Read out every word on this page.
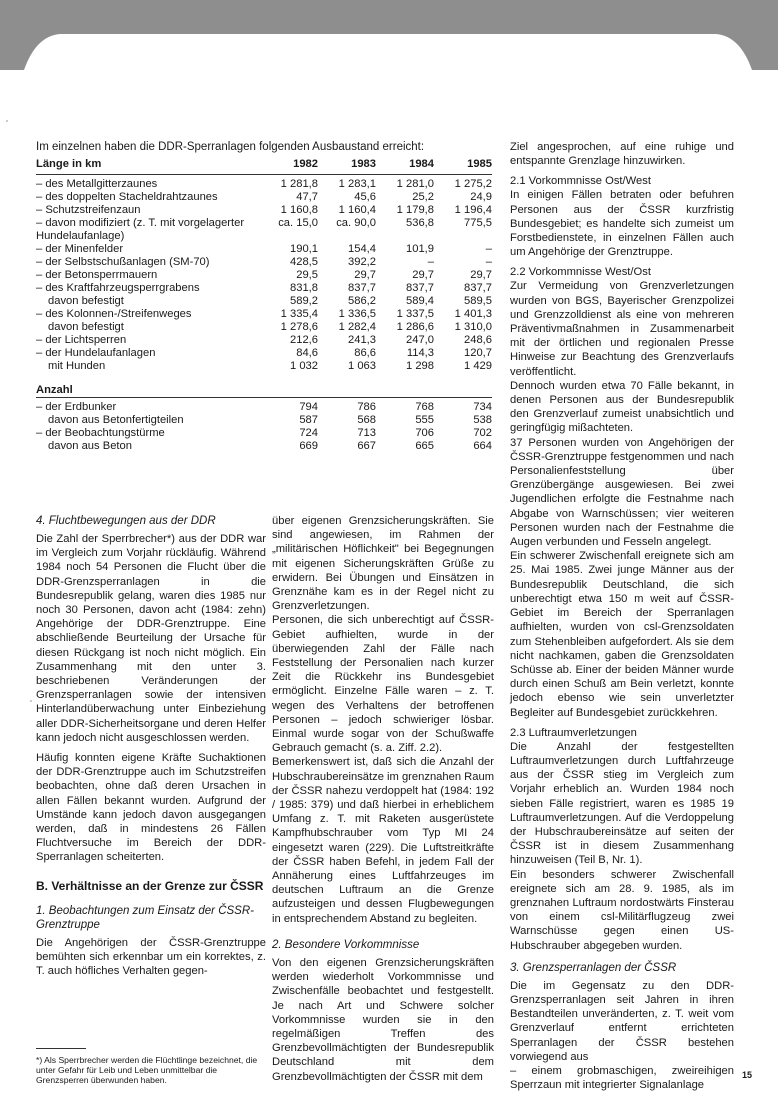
Im einzelnen haben die DDR-Sperranlagen folgenden Ausbaustand erreicht:
Länge in km	1982	1983	1984	1985
– des Metallgitterzaunes	1 281,8	1 283,1	1 281,0	1 275,2
– des doppelten Stacheldrahtzaunes	47,7	45,6	25,2	24,9
– Schutzstreifenzaun	1 160,8	1 160,4	1 179,8	1 196,4
– davon modifiziert (z. T. mit vorgelagerter Hundelaufanlage)	ca. 15,0	ca. 90,0	536,8	775,5
– der Minenfelder	190,1	154,4	101,9	–
– der Selbstschußanlagen (SM-70)	428,5	392,2	–	–
– der Betonsperrmauern	29,5	29,7	29,7	29,7
– des Kraftfahrzeugsperrgrabens	831,8	837,7	837,7	837,7
davon befestigt	589,2	586,2	589,4	589,5
– des Kolonnen-/Streifenweges	1 335,4	1 336,5	1 337,5	1 401,3
davon befestigt	1 278,6	1 282,4	1 286,6	1 310,0
– der Lichtsperren	212,6	241,3	247,0	248,6
– der Hundelaufanlagen	84,6	86,6	114,3	120,7
mit Hunden	1 032	1 063	1 298	1 429

Anzahl				
– der Erdbunker	794	786	768	734
davon aus Betonfertigteilen	587	568	555	538
– der Beobachtungstürme	724	713	706	702
davon aus Beton	669	667	665	664

4. Fluchtbewegungen aus der DDR

Die Zahl der Sperrbrecher*) aus der DDR war im Vergleich zum Vorjahr rückläufig. Während 1984 noch 54 Personen die Flucht über die DDR-Grenzsperranlagen in die Bundesrepublik gelang, waren dies 1985 nur noch 30 Personen, davon acht (1984: zehn) Angehörige der DDR-Grenztruppe. Eine abschließende Beurteilung der Ursache für diesen Rückgang ist noch nicht möglich. Ein Zusammenhang mit den unter 3. beschriebenen Veränderungen der Grenzsperranlagen sowie der intensiven Hinterlandüberwachung unter Einbeziehung aller DDR-Sicherheitsorgane und deren Helfer kann jedoch nicht ausgeschlossen werden.

Häufig konnten eigene Kräfte Suchaktionen der DDR-Grenztruppe auch im Schutzstreifen beobachten, ohne daß deren Ursachen in allen Fällen bekannt wurden. Aufgrund der Umstände kann jedoch davon ausgegangen werden, daß in mindestens 26 Fällen Fluchtversuche im Bereich der DDR-Sperranlagen scheiterten.

B. Verhältnisse an der Grenze zur ČSSR

1. Beobachtungen zum Einsatz der ČSSR-Grenztruppe

Die Angehörigen der ČSSR-Grenztruppe bemühten sich erkennbar um ein korrektes, z. T. auch höfliches Verhalten gegen-

*) Als Sperrbrecher werden die Flüchtlinge bezeichnet, die unter Gefahr für Leib und Leben unmittelbar die Grenzsperren überwunden haben.

über eigenen Grenzsicherungskräften. Sie sind angewiesen, im Rahmen der „militärischen Höflichkeit" bei Begegnungen mit eigenen Sicherungskräften Grüße zu erwidern. Bei Übungen und Einsätzen in Grenznähe kam es in der Regel nicht zu Grenzverletzungen.

Personen, die sich unberechtigt auf ČSSR-Gebiet aufhielten, wurde in der überwiegenden Zahl der Fälle nach Feststellung der Personalien nach kurzer Zeit die Rückkehr ins Bundesgebiet ermöglicht. Einzelne Fälle waren – z. T. wegen des Verhaltens der betroffenen Personen – jedoch schwieriger lösbar. Einmal wurde sogar von der Schußwaffe Gebrauch gemacht (s. a. Ziff. 2.2).

Bemerkenswert ist, daß sich die Anzahl der Hubschraubereinsätze im grenznahen Raum der ČSSR nahezu verdoppelt hat (1984: 192 / 1985: 379) und daß hierbei in erheblichem Umfang z. T. mit Raketen ausgerüstete Kampfhubschrauber vom Typ MI 24 eingesetzt waren (229). Die Luftstreitkräfte der ČSSR haben Befehl, in jedem Fall der Annäherung eines Luftfahrzeuges im deutschen Luftraum an die Grenze aufzusteigen und dessen Flugbewegungen in entsprechendem Abstand zu begleiten.

2. Besondere Vorkommnisse

Von den eigenen Grenzsicherungskräften werden wiederholt Vorkommnisse und Zwischenfälle beobachtet und festgestellt. Je nach Art und Schwere solcher Vorkommnisse wurden sie in den regelmäßigen Treffen des Grenzbevollmächtigten der Bundesrepublik Deutschland mit dem Grenzbevollmächtigten der ČSSR mit dem

Ziel angesprochen, auf eine ruhige und entspannte Grenzlage hinzuwirken.

2.1 Vorkommnisse Ost/West

In einigen Fällen betraten oder befuhren Personen aus der ČSSR kurzfristig Bundesgebiet; es handelte sich zumeist um Forstbedienstete, in einzelnen Fällen auch um Angehörige der Grenztruppe.

2.2 Vorkommnisse West/Ost

Zur Vermeidung von Grenzverletzungen wurden von BGS, Bayerischer Grenzpolizei und Grenzzolldienst als eine von mehreren Präventivmaßnahmen in Zusammenarbeit mit der örtlichen und regionalen Presse Hinweise zur Beachtung des Grenzverlaufs veröffentlicht.

Dennoch wurden etwa 70 Fälle bekannt, in denen Personen aus der Bundesrepublik den Grenzverlauf zumeist unabsichtlich und geringfügig mißachteten.

37 Personen wurden von Angehörigen der ČSSR-Grenztruppe festgenommen und nach Personalienfeststellung über Grenzübergänge ausgewiesen. Bei zwei Jugendlichen erfolgte die Festnahme nach Abgabe von Warnschüssen; vier weiteren Personen wurden nach der Festnahme die Augen verbunden und Fesseln angelegt.

Ein schwerer Zwischenfall ereignete sich am 25. Mai 1985. Zwei junge Männer aus der Bundesrepublik Deutschland, die sich unberechtigt etwa 150 m weit auf ČSSR-Gebiet im Bereich der Sperranlagen aufhielten, wurden von csl-Grenzsoldaten zum Stehenbleiben aufgefordert. Als sie dem nicht nachkamen, gaben die Grenzsoldaten Schüsse ab. Einer der beiden Männer wurde durch einen Schuß am Bein verletzt, konnte jedoch ebenso wie sein unverletzter Begleiter auf Bundesgebiet zurückkehren.

2.3 Luftraumverletzungen

Die Anzahl der festgestellten Luftraumverletzungen durch Luftfahrzeuge aus der ČSSR stieg im Vergleich zum Vorjahr erheblich an. Wurden 1984 noch sieben Fälle registriert, waren es 1985 19 Luftraumverletzungen. Auf die Verdoppelung der Hubschraubereinsätze auf seiten der ČSSR ist in diesem Zusammenhang hinzuweisen (Teil B, Nr. 1).

Ein besonders schwerer Zwischenfall ereignete sich am 28. 9. 1985, als im grenznahen Luftraum nordostwärts Finsterau von einem csl-Militärflugzeug zwei Warnschüsse gegen einen US-Hubschrauber abgegeben wurden.

3. Grenzsperranlagen der ČSSR

Die im Gegensatz zu den DDR-Grenzsperranlagen seit Jahren in ihren Bestandteilen unveränderten, z. T. weit vom Grenzverlauf entfernt errichteten Sperranlagen der ČSSR bestehen vorwiegend aus

– einem grobmaschigen, zweireihigen Sperrzaun mit integrierter Signalanlage

15
